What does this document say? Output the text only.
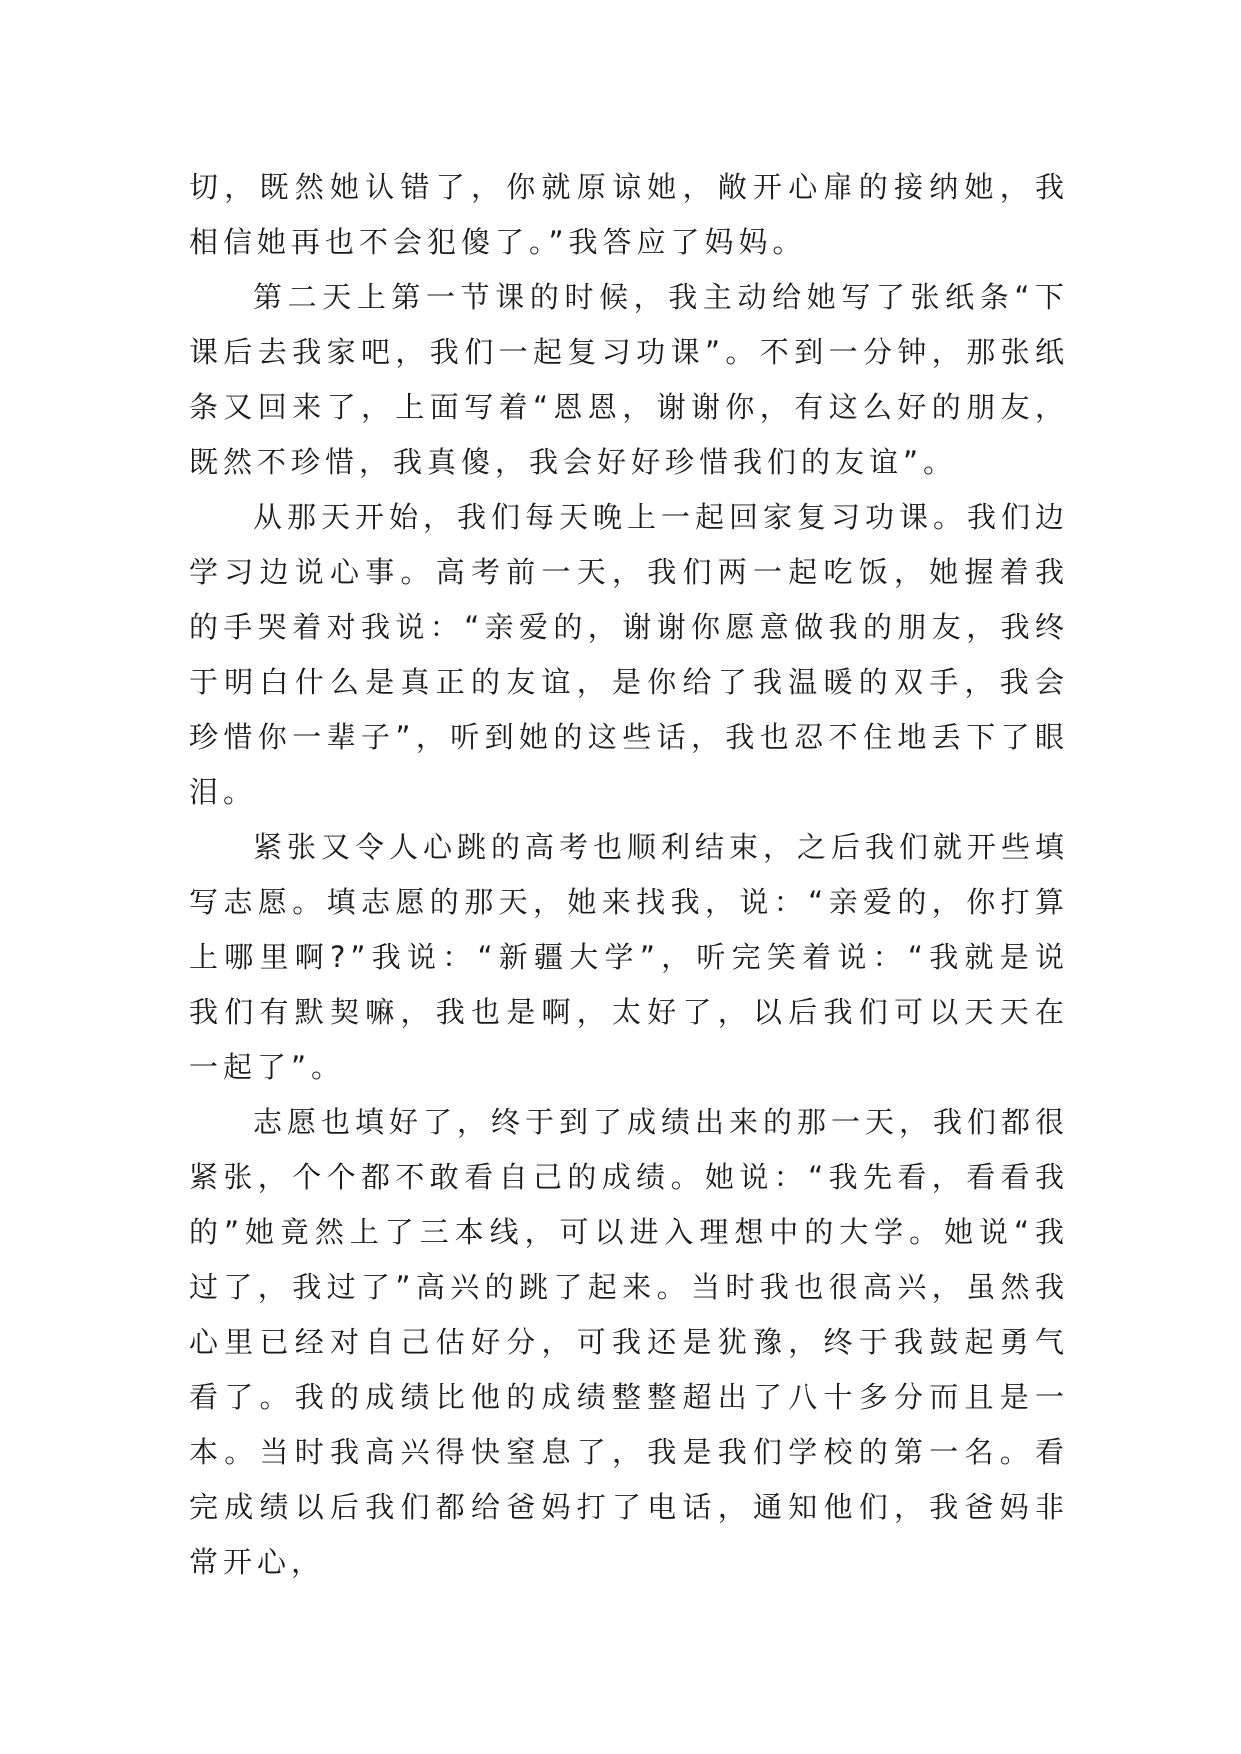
切，既然她认错了，你就原谅她，敞开心扉的接纳她，我相信她再也不会犯傻了。”我答应了妈妈。

第二天上第一节课的时候，我主动给她写了张纸条“下课后去我家吧，我们一起复习功课”。不到一分钟，那张纸条又回来了，上面写着“恩恩，谢谢你，有这么好的朋友，既然不珍惜，我真傻，我会好好珍惜我们的友谊”。

从那天开始，我们每天晚上一起回家复习功课。我们边学习边说心事。高考前一天，我们两一起吃饭，她握着我的手哭着对我说：“亲爱的，谢谢你愿意做我的朋友，我终于明白什么是真正的友谊，是你给了我温暖的双手，我会珍惜你一辈子”，听到她的这些话，我也忍不住地丢下了眼泪。

紧张又令人心跳的高考也顺利结束，之后我们就开些填写志愿。填志愿的那天，她来找我，说：“亲爱的，你打算上哪里啊?”我说：“新疆大学”，听完笑着说：“我就是说我们有默契嘛，我也是啊，太好了，以后我们可以天天在一起了”。

志愿也填好了，终于到了成绩出来的那一天，我们都很紧张，个个都不敢看自己的成绩。她说：“我先看，看看我的”她竟然上了三本线，可以进入理想中的大学。她说“我过了，我过了”高兴的跳了起来。当时我也很高兴，虽然我心里已经对自己估好分，可我还是犹豫，终于我鼓起勇气看了。我的成绩比他的成绩整整超出了八十多分而且是一本。当时我高兴得快窒息了，我是我们学校的第一名。看完成绩以后我们都给爸妈打了电话，通知他们，我爸妈非常开心，
